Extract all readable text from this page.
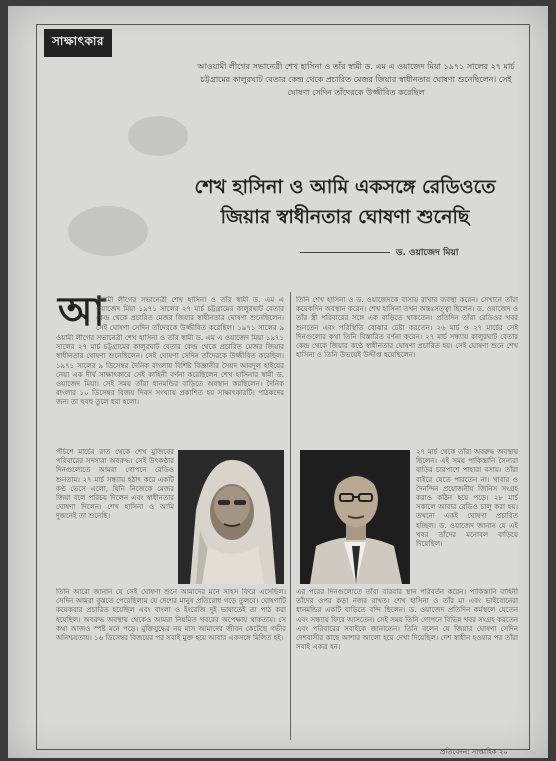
সাক্ষাৎকার
আওয়ামী লীগের সভানেত্রী শেখ হাসিনা ও তাঁর স্বামী ড. এম এ ওয়াজেদ মিয়া ১৯৭১ সালের ২৭ মার্চ চট্টগ্রামের কালুরঘাট বেতার কেন্দ্র থেকে প্রচারিত মেজর জিয়ার স্বাধীনতার ঘোষণা শুনেছিলেন। সেই ঘোষণা সেদিন তাঁদেরকে উজ্জীবিত করেছিল
শেখ হাসিনা ও আমি একসঙ্গে রেডিওতে
জিয়ার স্বাধীনতার ঘোষণা শুনেছি
ড. ওয়াজেদ মিয়া
আ
ওয়ামী লীগের সভানেত্রী শেখ হাসিনা ও তাঁর স্বামী ড. এম এ ওয়াজেদ মিয়া ১৯৭১ সালের ২৭ মার্চ চট্টগ্রামের কালুরঘাট বেতার কেন্দ্র থেকে প্রচারিত মেজর জিয়ার স্বাধীনতার ঘোষণা শুনেছিলেন। সেই ঘোষণা সেদিন তাঁদেরকে উজ্জীবিত করেছিল। ১৯৭১ সালের ৯
ওয়ামী লীগের সভানেত্রী শেখ হাসিনা ও তাঁর স্বামী ড. এম এ ওয়াজেদ মিয়া ১৯৭১ সালের ২৭ মার্চ চট্টগ্রামের কালুরঘাট বেতার কেন্দ্র থেকে প্রচারিত মেজর জিয়ার স্বাধীনতার ঘোষণা শুনেছিলেন। সেই ঘোষণা সেদিন তাঁদেরকে উজ্জীবিত করেছিল। ১৯৭১ সালের ৯ ডিসেম্বর দৈনিক বাংলায় বিশিষ্ট বিজ্ঞানীর সৈয়দ আবদুল হাইয়ের নেয়া এক দীর্ঘ সাক্ষাৎকারে সেই কাহিনী বর্ণনা করেছিলেন শেখ হাসিনার স্বামী ড. ওয়াজেদ মিয়া। সেই সময় তাঁরা ধানমন্ডির বাড়িতে অবস্থান করছিলেন। দৈনিক বাংলার ১০ ডিসেম্বর বিজয় দিবস সংখ্যায় প্রকাশিত হয় সাক্ষাৎকারটি। পাঠকদের জন্য তা হুবহু তুলে ধরা হলো।
পঁচিশে মার্চের রাত থেকে শেখ মুজিবের পরিবারের সদস্যরা অবরুদ্ধ। সেই উৎকণ্ঠার দিনগুলোতে আমরা গোপনে রেডিও শুনতাম। ২৭ মার্চ সন্ধ্যায় হঠাৎ করে একটি কণ্ঠ ভেসে এলো, যিনি নিজেকে মেজর জিয়া বলে পরিচয় দিলেন এবং স্বাধীনতার ঘোষণা দিলেন। শেখ হাসিনা ও আমি দুজনেই তা শুনেছি।
তিনি আরো জানান যে সেই ঘোষণা শুনে আমাদের মনে সাহস ফিরে এসেছিল। সেদিন আমরা বুঝতে পেরেছিলাম যে দেশের মানুষ প্রতিরোধ গড়ে তুলবে। ঘোষণাটি কয়েকবার প্রচারিত হয়েছিল এবং বাংলা ও ইংরেজি দুই ভাষাতেই তা পাঠ করা হয়েছিল। অবরুদ্ধ অবস্থায় থেকেও আমরা নিয়মিত খবরের অপেক্ষায় থাকতাম। সে কথা আজও স্পষ্ট মনে পড়ে। মুক্তিযুদ্ধের নয় মাস আমাদের জীবন কেটেছে গভীর অনিশ্চয়তায়। ১৬ ডিসেম্বর বিজয়ের পর সবাই মুক্ত হয়ে আবার একসঙ্গে মিলিত হই।
তিনি শেখ হাসিনা ও ড. ওয়াজেদকে বাসায় রাখার ব্যবস্থা করেন। সেখানে তাঁরা কয়েকদিন অবস্থান করেন। শেখ হাসিনা তখন অন্তঃসত্ত্বা ছিলেন। ড. ওয়াজেদ ও তাঁর স্ত্রী পরিবারের সঙ্গে এক বাড়িতে থাকতেন। প্রতিদিন তাঁরা রেডিওর খবর শুনতেন এবং পরিস্থিতি বোঝার চেষ্টা করতেন। ২৬ মার্চ ও ২৭ মার্চের সেই দিনগুলোর কথা তিনি বিস্তারিত বর্ণনা করেন। ২৭ মার্চ সন্ধ্যায় কালুরঘাট বেতার কেন্দ্র থেকে জিয়ার কণ্ঠে স্বাধীনতার ঘোষণা প্রচারিত হয়। সেই ঘোষণা শুনে শেখ হাসিনা ও তিনি উভয়েই উদ্দীপ্ত হয়েছিলেন।
২৭ মার্চ থেকে তাঁরা অবরুদ্ধ অবস্থায় ছিলেন। এই সময় পাকিস্তানি সৈন্যরা বাড়ির চারপাশে পাহারা বসায়। তাঁরা বাইরে যেতে পারতেন না। খাবার ও দৈনন্দিন প্রয়োজনীয় জিনিস সংগ্রহ করাও কঠিন হয়ে পড়ে। ২৮ মার্চ সকালে আবার রেডিও চালু করা হয়। তখনো একই ঘোষণা প্রচারিত হচ্ছিল। ড. ওয়াজেদ জানান যে এই খবর তাঁদের মনোবল বাড়িয়ে দিয়েছিল।
এর পরের দিনগুলোতে তাঁরা বারবার স্থান পরিবর্তন করেন। পাকিস্তানি বাহিনী তাঁদের ওপর কড়া নজর রাখত। শেখ হাসিনা ও তাঁর মা এবং ভাইবোনেরা ধানমন্ডির একটি বাড়িতে বন্দি ছিলেন। ড. ওয়াজেদ প্রতিদিন কর্মস্থলে যেতেন এবং সন্ধ্যায় ফিরে আসতেন। সেই সময় তিনি গোপনে বিভিন্ন খবর সংগ্রহ করতেন এবং পরিবারের সবাইকে জানাতেন। তিনি বলেন যে জিয়ার ঘোষণা সেদিন দেশবাসীর কাছে আশার আলো হয়ে দেখা দিয়েছিল। দেশ স্বাধীন হওয়ার পর তাঁরা সবাই একত্র হন।
প্রতিবেদন: সাপ্তাহিক ২০
